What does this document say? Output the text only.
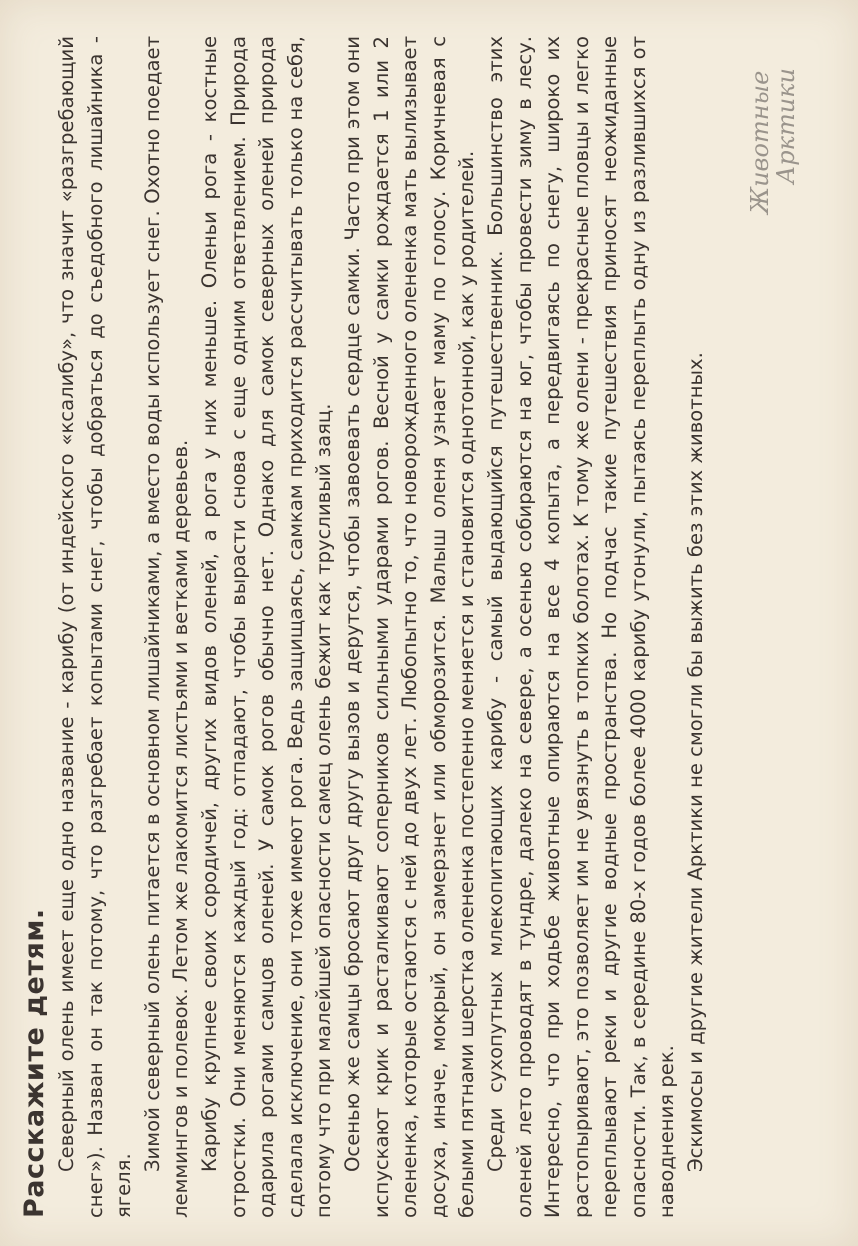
Расскажите детям. Северный олень имеет еще одно название - карибу (от индейского «ксалибу», что значит «разгребающий снег»). Назван он так потому, что разгребает копытами снег, чтобы добраться до съедобного лишайника - ягеля.

Зимой северный олень питается в основном лишайниками, а вместо воды использует снег. Охотно поедает леммингов и полевок. Летом же лакомится листьями и ветками деревьев. Карибу крупнее своих сородичей, других видов оленей, а рога у них меньше. Оленьи рога - костные отростки. Они меняются каждый год: отпадают, чтобы вырасти снова с еще одним ответвлением. Природа одарила рогами самцов оленей. У самок рогов обычно нет. Однако для самок северных оленей природа сделала исключение, они тоже имеют рога. Ведь защищаясь, самкам приходится рассчитывать только на себя, потому что при малейшей опасности самец олень бежит как трусливый заяц. Осенью же самцы бросают друг другу вызов и дерутся, чтобы завоевать сердце самки. Часто при этом они испускают крик и расталкивают соперников сильными ударами рогов. Весной у самки рождается 1 или 2 олененка, которые остаются с ней до двух лет. Любопытно то, что новорожденного олененка мать вылизывает досуха, иначе, мокрый, он замерзнет или обморозится. Малыш оленя узнает маму по голосу. Коричневая с белыми пятнами шерстка олененка постепенно меняется и становится однотонной, как у родителей. Среди сухопутных млекопитающих карибу - самый выдающийся путешественник. Большинство этих оленей лето проводят в тундре, далеко на севере, а осенью собираются на юг, чтобы провести зиму в лесу. Интересно, что при ходьбе животные опираются на все 4 копыта, а передвигаясь по снегу, широко их растопыривают, это позволяет им не увязнуть в топких болотах. К тому же олени - прекрасные пловцы и легко переплывают реки и другие водные пространства. Но подчас такие путешествия приносят неожиданные опасности. Так, в середине 80-х годов более 4000 карибу утонули, пытаясь переплыть одну из разлившихся от наводнения рек. Эскимосы и другие жители Арктики не смогли бы выжить без этих животных.

Животные
Арктики
